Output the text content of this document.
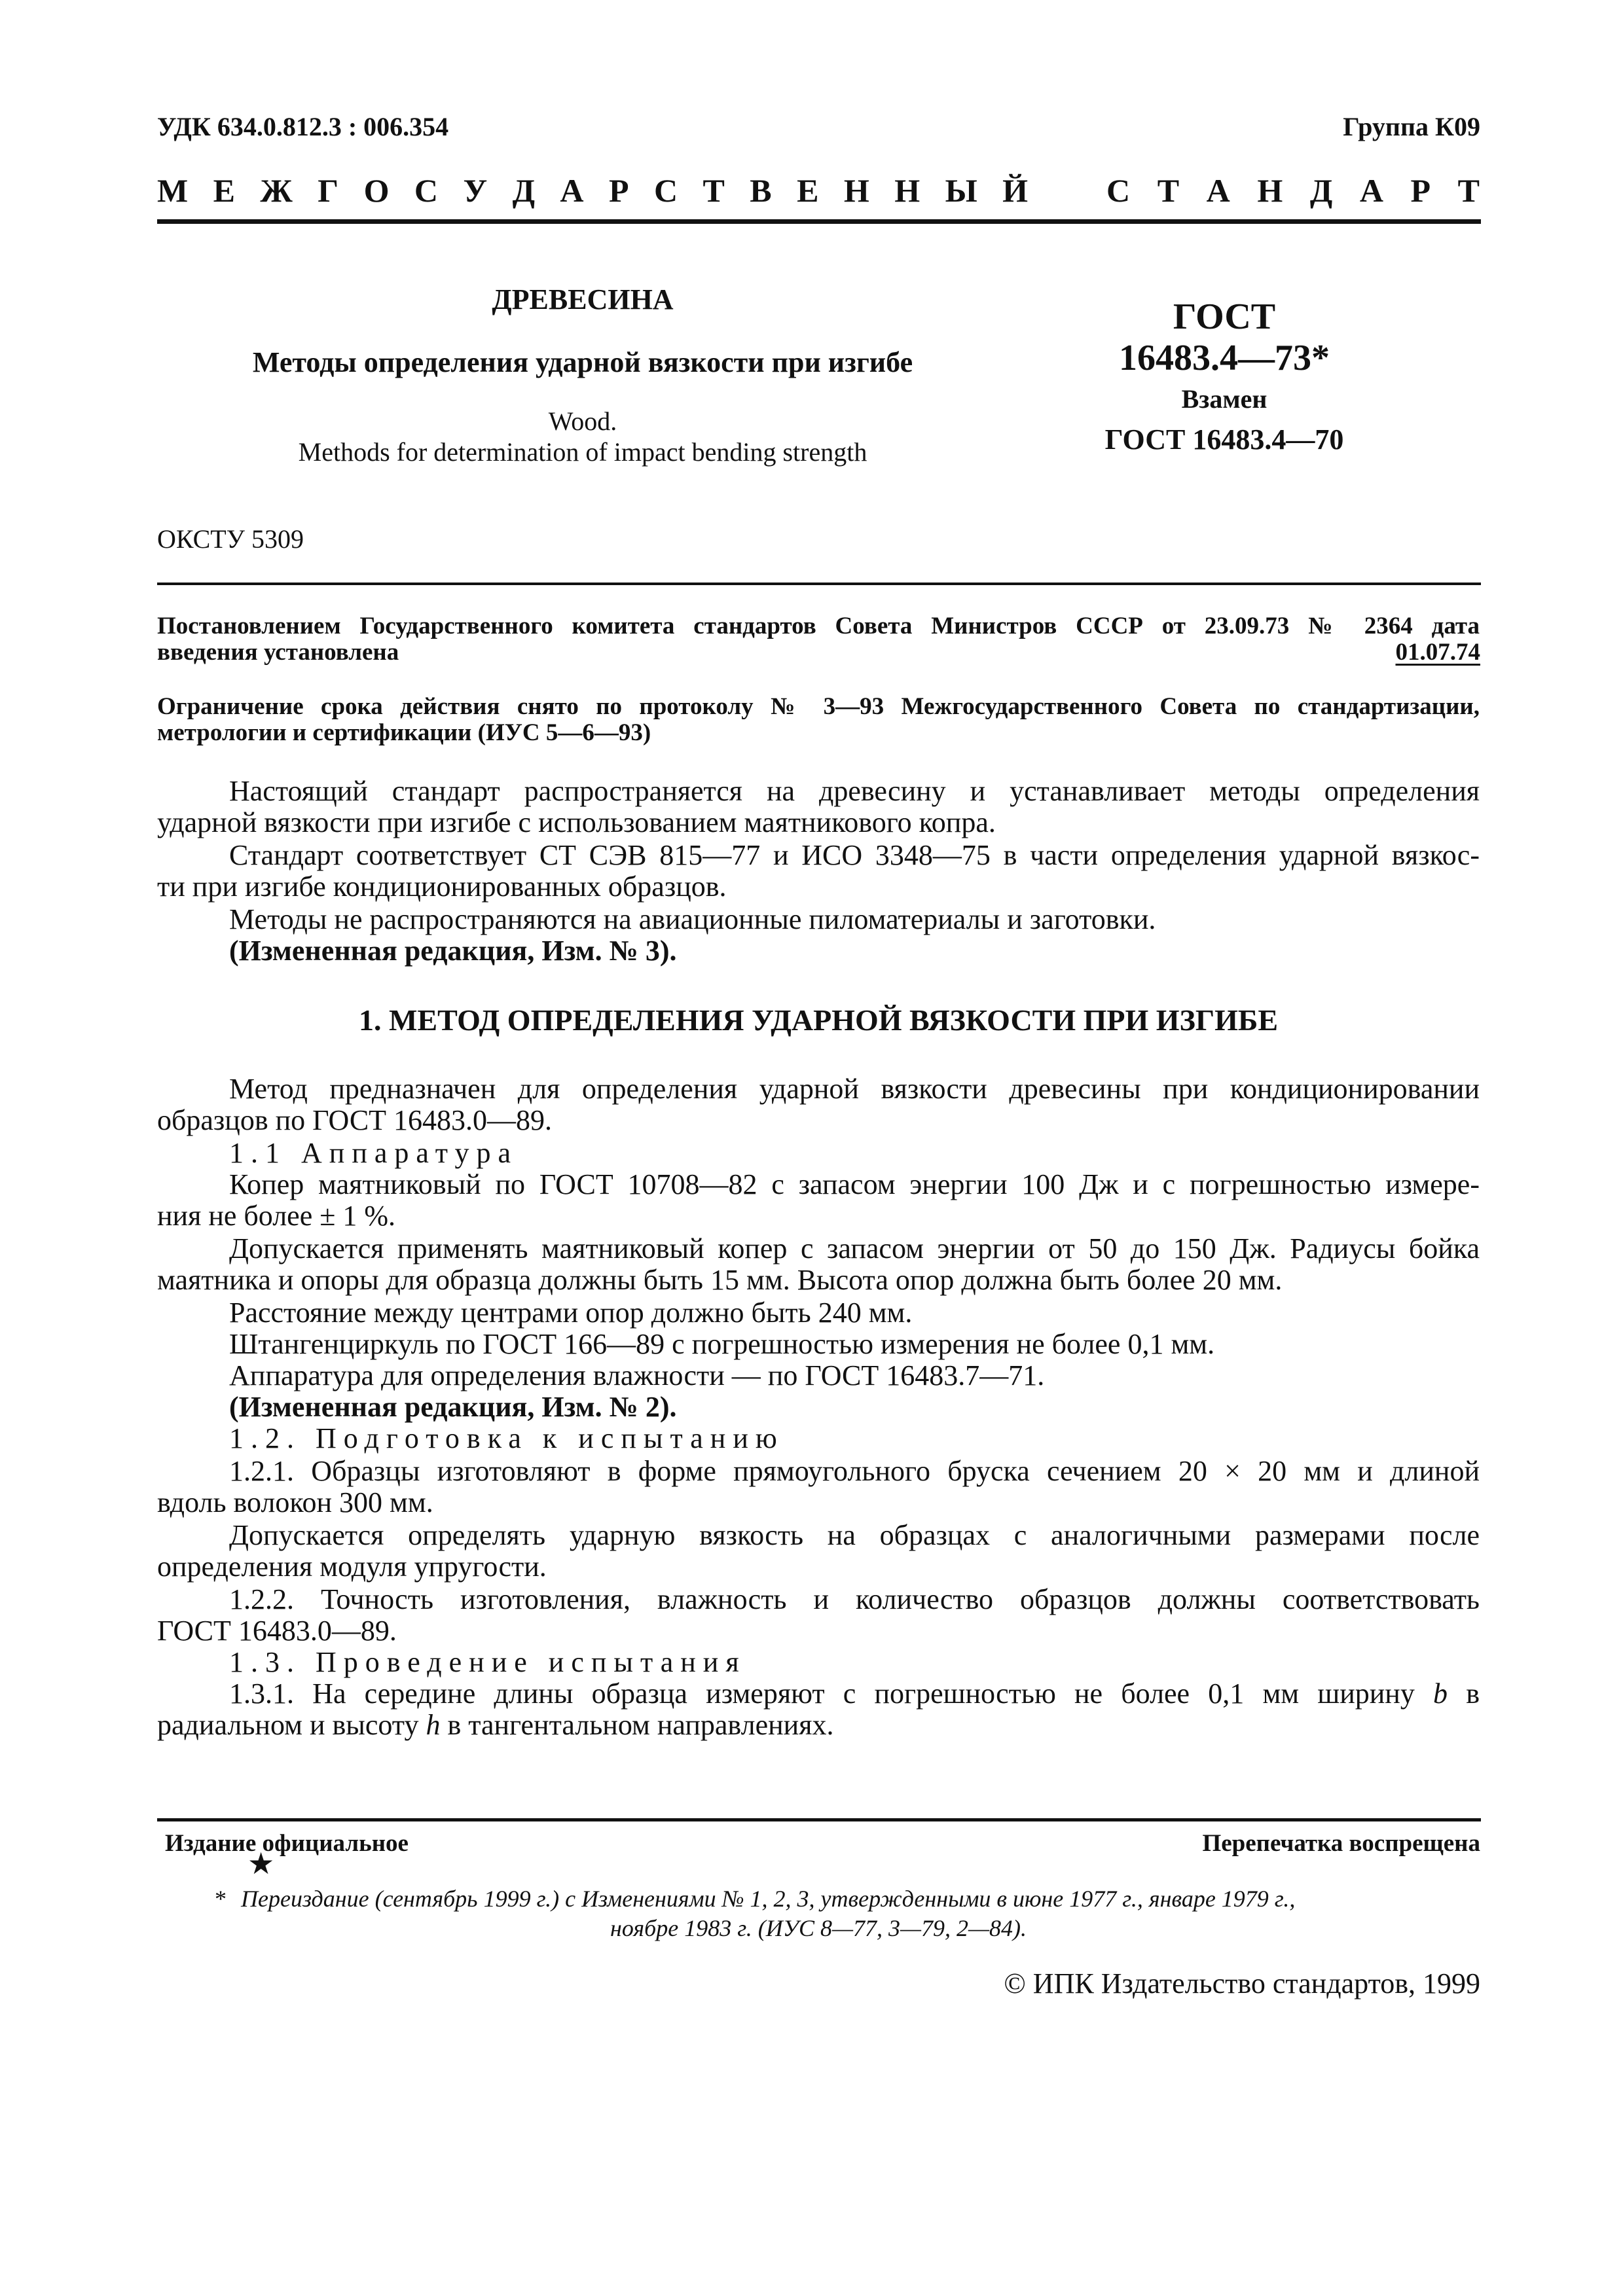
УДК 634.0.812.3 : 006.354	Группа К09
М Е Ж Г О С У Д А Р С Т В Е Н Н Ы Й С Т А Н Д А Р Т
ДРЕВЕСИНА
Методы определения ударной вязкости при изгибе
Wood.
Methods for determination of impact bending strength
ГОСТ
16483.4—73*
Взамен
ГОСТ 16483.4—70
ОКСТУ 5309
Постановлением Государственного комитета стандартов Совета Министров СССР от 23.09.73 № 2364 дата
введения установлена	01.07.74
Ограничение срока действия снято по протоколу № 3—93 Межгосударственного Совета по стандартизации,
метрологии и сертификации (ИУС 5—6—93)
Настоящий стандарт распространяется на древесину и устанавливает методы определения
ударной вязкости при изгибе с использованием маятникового копра.
Стандарт соответствует СТ СЭВ 815—77 и ИСО 3348—75 в части определения ударной вязкос-
ти при изгибе кондиционированных образцов.
Методы не распространяются на авиационные пиломатериалы и заготовки.
(Измененная редакция, Изм. № 3).
1. МЕТОД ОПРЕДЕЛЕНИЯ УДАРНОЙ ВЯЗКОСТИ ПРИ ИЗГИБЕ
Метод предназначен для определения ударной вязкости древесины при кондиционировании
образцов по ГОСТ 16483.0—89.
1.1 Аппаратура
Копер маятниковый по ГОСТ 10708—82 с запасом энергии 100 Дж и с погрешностью измере-
ния не более ± 1 %.
Допускается применять маятниковый копер с запасом энергии от 50 до 150 Дж. Радиусы бойка
маятника и опоры для образца должны быть 15 мм. Высота опор должна быть более 20 мм.
Расстояние между центрами опор должно быть 240 мм.
Штангенциркуль по ГОСТ 166—89 с погрешностью измерения не более 0,1 мм.
Аппаратура для определения влажности — по ГОСТ 16483.7—71.
(Измененная редакция, Изм. № 2).
1.2. Подготовка к испытанию
1.2.1. Образцы изготовляют в форме прямоугольного бруска сечением 20 × 20 мм и длиной
вдоль волокон 300 мм.
Допускается определять ударную вязкость на образцах с аналогичными размерами после
определения модуля упругости.
1.2.2. Точность изготовления, влажность и количество образцов должны соответствовать
ГОСТ 16483.0—89.
1.3. Проведение испытания
1.3.1. На середине длины образца измеряют с погрешностью не более 0,1 мм ширину b в
радиальном и высоту h в тангентальном направлениях.
Издание официальное	Перепечатка воспрещена
★
* Переиздание (сентябрь 1999 г.) с Изменениями № 1, 2, 3, утвержденными в июне 1977 г., январе 1979 г.,
ноябре 1983 г. (ИУС 8—77, 3—79, 2—84).
© ИПК Издательство стандартов, 1999
